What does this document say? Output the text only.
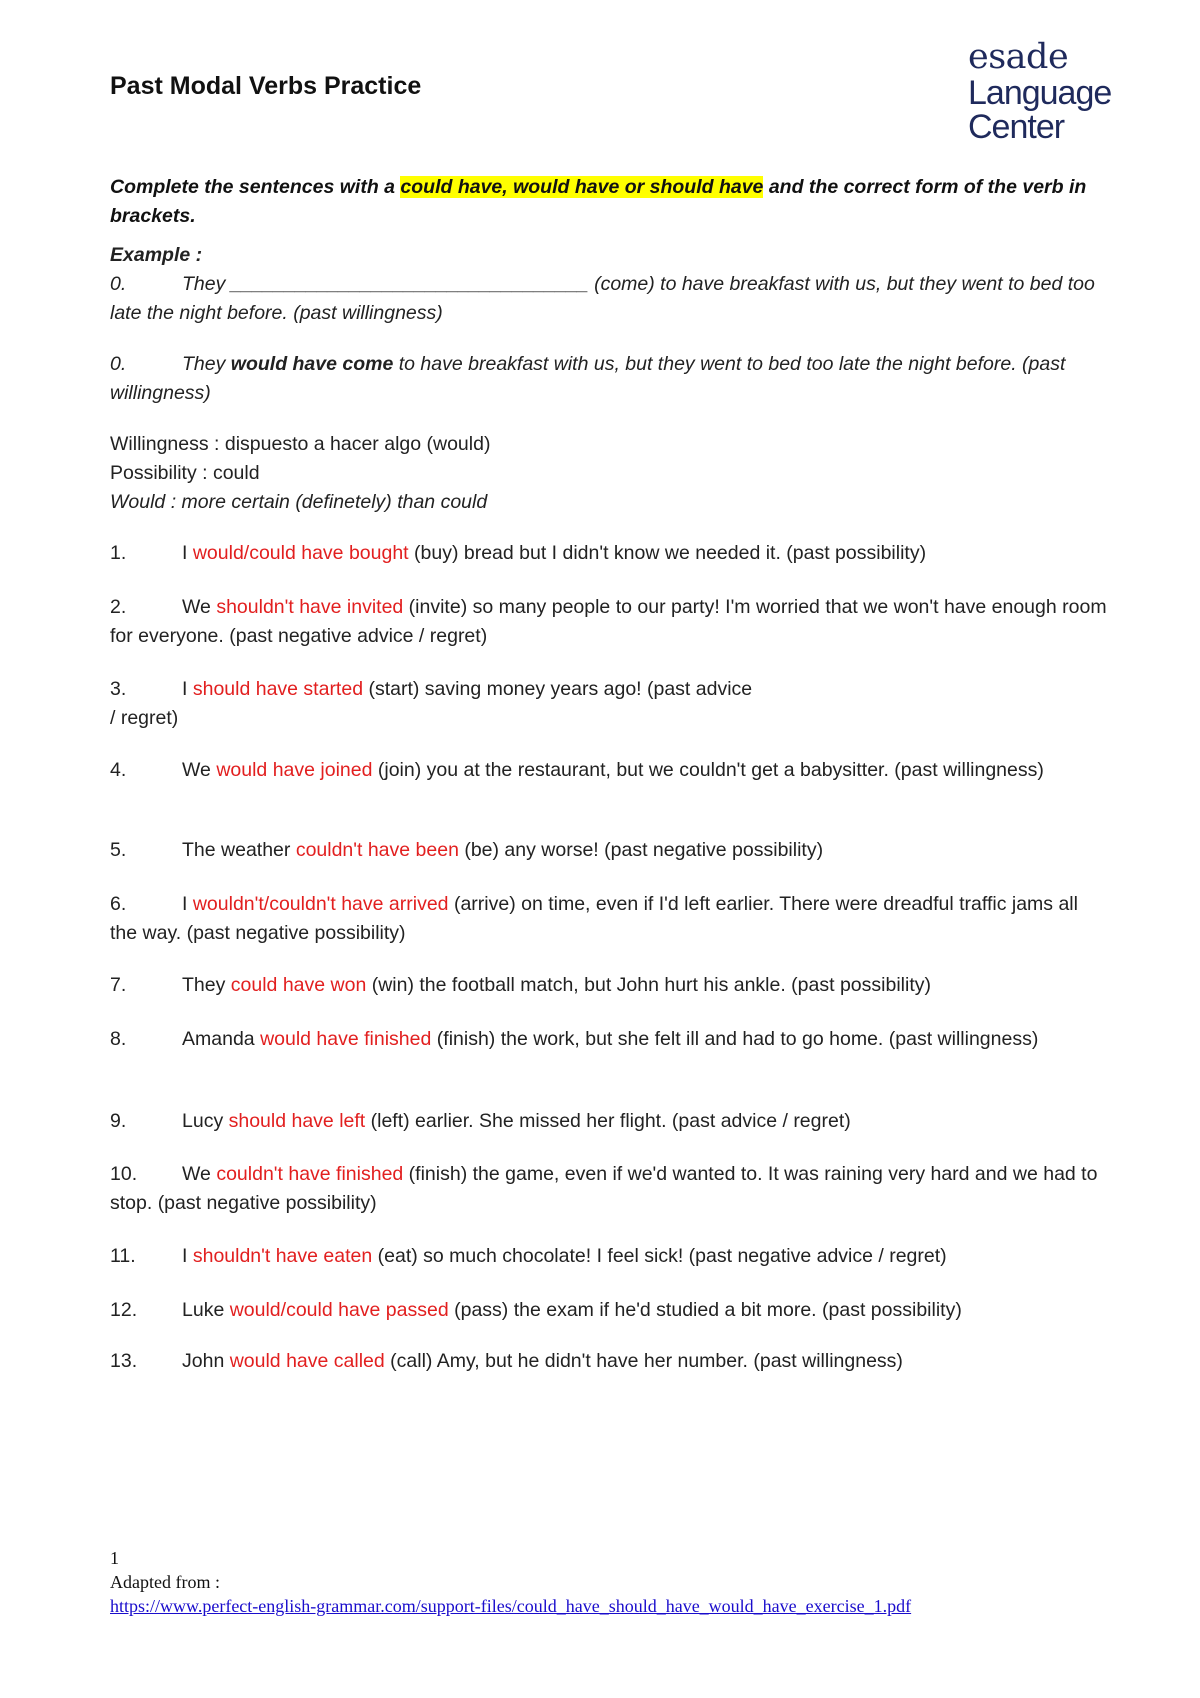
esade
Language
Center
Past Modal Verbs Practice
Complete the sentences with a could have, would have or should have and the correct form of the verb in brackets.
Example :
0.	They _________________________________ (come) to have breakfast with us, but they went to bed too late the night before. (past willingness)
0.	They would have come to have breakfast with us, but they went to bed too late the night before. (past willingness)
Willingness : dispuesto a hacer algo (would)
Possibility : could
Would : more certain (definetely) than could
1.	I would/could have bought (buy) bread but I didn't know we needed it. (past possibility)
2.	We shouldn't have invited (invite) so many people to our party! I'm worried that we won't have enough room for everyone. (past negative advice / regret)
3.	I should have started (start) saving money years ago! (past advice
/ regret)
4.	We would have joined (join) you at the restaurant, but we couldn't get a babysitter. (past willingness)
5.	The weather couldn't have been (be) any worse! (past negative possibility)
6.	I wouldn't/couldn't have arrived (arrive) on time, even if I'd left earlier. There were dreadful traffic jams all the way. (past negative possibility)
7.	They could have won (win) the football match, but John hurt his ankle. (past possibility)
8.	Amanda would have finished (finish) the work, but she felt ill and had to go home. (past willingness)
9.	Lucy should have left (left) earlier. She missed her flight. (past advice / regret)
10. We couldn't have finished (finish) the game, even if we'd wanted to. It was raining very hard and we had to stop. (past negative possibility)
11. I shouldn't have eaten (eat) so much chocolate! I feel sick! (past negative advice / regret)
12. Luke would/could have passed (pass) the exam if he'd studied a bit more. (past possibility)
13. John would have called (call) Amy, but he didn't have her number. (past willingness)
1
Adapted from :
https://www.perfect-english-grammar.com/support-files/could_have_should_have_would_have_exercise_1.pdf
